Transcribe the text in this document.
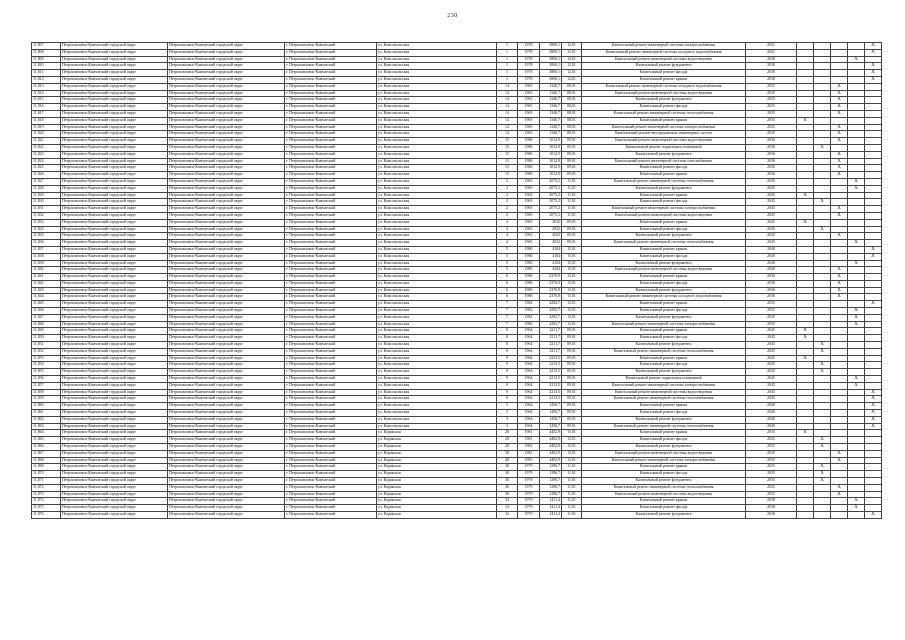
230
11,807	Петропавловск-Камчатский городской округ	Петропавловск-Камчатский городской округ	г. Петропавловск-Камчатский	ул. Комсомольская	1	1978	3806,1	12,01	Капитальный ремонт инженерной системы электроснабжения	2041					X
11,808	Петропавловск-Камчатский городской округ	Петропавловск-Камчатский городской округ	г. Петропавловск-Камчатский	ул. Комсомольская	1	1978	3806,1	12,01	Капитальный ремонт инженерной системы холодного водоснабжения	2041					X
11,809	Петропавловск-Камчатский городской округ	Петропавловск-Камчатский городской округ	г. Петропавловск-Камчатский	ул. Комсомольская	1	1978	3806,1	12,01	Капитальный ремонт инженерной системы водоотведения	2038				X	
11,810	Петропавловск-Камчатский городской округ	Петропавловск-Камчатский городской округ	г. Петропавловск-Камчатский	ул. Комсомольская	1	1978	3806,1	12,01	Капитальный ремонт фундамента	2038					X
11,811	Петропавловск-Камчатский городской округ	Петропавловск-Камчатский городской округ	г. Петропавловск-Камчатский	ул. Комсомольская	1	1978	3806,1	12,01	Капитальный ремонт фасада	2038					X
11,812	Петропавловск-Камчатский городской округ	Петропавловск-Камчатский городской округ	г. Петропавловск-Камчатский	ул. Комсомольская	1	1978	3806,1	12,01	Капитальный ремонт крыши	2038					X
11,813	Петропавловск-Камчатский городской округ	Петропавловск-Камчатский городской округ	г. Петропавловск-Камчатский	ул. Комсомольская	14	1965	1346,7	08,01	Капитальный ремонт инженерной системы холодного водоснабжения	2035			X		
11,814	Петропавловск-Камчатский городской округ	Петропавловск-Камчатский городской округ	г. Петропавловск-Камчатский	ул. Комсомольская	14	1965	1346,7	08,01	Капитальный ремонт инженерной системы водоотведения	2035			X		
11,815	Петропавловск-Камчатский городской округ	Петропавловск-Камчатский городской округ	г. Петропавловск-Камчатский	ул. Комсомольская	14	1965	1346,7	08,01	Капитальный ремонт фундамента	2035			X		
11,816	Петропавловск-Камчатский городской округ	Петропавловск-Камчатский городской округ	г. Петропавловск-Камчатский	ул. Комсомольская	14	1965	1346,7	08,01	Капитальный ремонт фасада	2035			X		
11,817	Петропавловск-Камчатский городской округ	Петропавловск-Камчатский городской округ	г. Петропавловск-Камчатский	ул. Комсомольская	14	1965	1346,7	08,01	Капитальный ремонт инженерной системы теплоснабжения	2035			X		
11,818	Петропавловск-Камчатский городской округ	Петропавловск-Камчатский городской округ	г. Петропавловск-Камчатский	ул. Комсомольская	14	1965	1346,7	08,01	Капитальный ремонт крыши	2035	X				
11,819	Петропавловск-Камчатский городской округ	Петропавловск-Камчатский городской округ	г. Петропавловск-Камчатский	ул. Комсомольская	14	1965	1346,7	08,01	Капитальный ремонт инженерной системы электроснабжения	2035			X		
11,820	Петропавловск-Камчатский городской округ	Петропавловск-Камчатский городской округ	г. Петропавловск-Камчатский	ул. Комсомольская	14	1965	1346,7	08,01	Капитальный ремонт внутридомовых инженерных систем	2035			X		
11,821	Петропавловск-Камчатский городской округ	Петропавловск-Камчатский городской округ	г. Петропавловск-Камчатский	ул. Комсомольская	15	1986	1012,9	09,01	Капитальный ремонт инженерной системы водоотведения	2036			X		
11,822	Петропавловск-Камчатский городской округ	Петропавловск-Камчатский городской округ	г. Петропавловск-Камчатский	ул. Комсомольская	15	1986	1012,9	09,01	Капитальный ремонт подвальных помещений	2036		X			
11,823	Петропавловск-Камчатский городской округ	Петропавловск-Камчатский городской округ	г. Петропавловск-Камчатский	ул. Комсомольская	15	1986	1012,9	09,01	Капитальный ремонт фундамента	2036			X		
11,824	Петропавловск-Камчатский городской округ	Петропавловск-Камчатский городской округ	г. Петропавловск-Камчатский	ул. Комсомольская	15	1986	1012,9	09,01	Капитальный ремонт инженерной системы газоснабжения	2036			X		
11,825	Петропавловск-Камчатский городской округ	Петропавловск-Камчатский городской округ	г. Петропавловск-Камчатский	ул. Комсомольская	15	1986	1012,9	09,01	Капитальный ремонт фасада	2036			X		
11,826	Петропавловск-Камчатский городской округ	Петропавловск-Камчатский городской округ	г. Петропавловск-Камчатский	ул. Комсомольская	15	1986	1012,9	09,01	Капитальный ремонт крыши	2036			X		
11,827	Петропавловск-Камчатский городской округ	Петропавловск-Камчатский городской округ	г. Петропавловск-Камчатский	ул. Комсомольская	2	1965	2075,2	11,01	Капитальный ремонт инженерной системы теплоснабжения	2045				X	
11,828	Петропавловск-Камчатский городской округ	Петропавловск-Камчатский городской округ	г. Петропавловск-Камчатский	ул. Комсомольская	2	1965	2075,2	11,01	Капитальный ремонт фундамента	2045				X	
11,829	Петропавловск-Камчатский городской округ	Петропавловск-Камчатский городской округ	г. Петропавловск-Камчатский	ул. Комсомольская	2	1965	2075,2	11,01	Капитальный ремонт крыши	2045	X				
11,830	Петропавловск-Камчатский городской округ	Петропавловск-Камчатский городской округ	г. Петропавловск-Камчатский	ул. Комсомольская	2	1965	2075,2	11,01	Капитальный ремонт фасада	2045		X			
11,831	Петропавловск-Камчатский городской округ	Петропавловск-Камчатский городской округ	г. Петропавловск-Камчатский	ул. Комсомольская	2	1965	2075,2	11,01	Капитальный ремонт инженерной системы электроснабжения	2045			X		
11,832	Петропавловск-Камчатский городской округ	Петропавловск-Камчатский городской округ	г. Петропавловск-Камчатский	ул. Комсомольская	2	1965	2075,2	11,01	Капитальный ремонт инженерной системы водоотведения	2045			X		
11,833	Петропавловск-Камчатский городской округ	Петропавловск-Камчатский городской округ	г. Петропавловск-Камчатский	ул. Комсомольская	4	1965	2032	09,01	Капитальный ремонт крыши	2045	X				
11,834	Петропавловск-Камчатский городской округ	Петропавловск-Камчатский городской округ	г. Петропавловск-Камчатский	ул. Комсомольская	4	1965	2032	09,01	Капитальный ремонт фасада	2045		X			
11,835	Петропавловск-Камчатский городской округ	Петропавловск-Камчатский городской округ	г. Петропавловск-Камчатский	ул. Комсомольская	4	1965	2032	09,01	Капитальный ремонт фундамента	2045			X		
11,836	Петропавловск-Камчатский городской округ	Петропавловск-Камчатский городской округ	г. Петропавловск-Камчатский	ул. Комсомольская	4	1965	2032	09,01	Капитальный ремонт инженерной системы теплоснабжения	2045				X	
11,837	Петропавловск-Камчатский городской округ	Петропавловск-Камчатский городской округ	г. Петропавловск-Камчатский	ул. Комсомольская	5	1980	4104	15,01	Капитальный ремонт крыши	2040					X
11,838	Петропавловск-Камчатский городской округ	Петропавловск-Камчатский городской округ	г. Петропавловск-Камчатский	ул. Комсомольская	5	1980	4104	15,01	Капитальный ремонт фасада	2040					X
11,839	Петропавловск-Камчатский городской округ	Петропавловск-Камчатский городской округ	г. Петропавловск-Камчатский	ул. Комсомольская	5	1980	4104	15,01	Капитальный ремонт фундамента	2040				X	
11,840	Петропавловск-Камчатский городской округ	Петропавловск-Камчатский городской округ	г. Петропавловск-Камчатский	ул. Комсомольская	5	1980	4104	15,01	Капитальный ремонт инженерной системы водоотведения	2040			X		
11,841	Петропавловск-Камчатский городской округ	Петропавловск-Камчатский городской округ	г. Петропавловск-Камчатский	ул. Комсомольская	6	1986	2370,8	13,01	Капитальный ремонт крыши	2036			X		
11,842	Петропавловск-Камчатский городской округ	Петропавловск-Камчатский городской округ	г. Петропавловск-Камчатский	ул. Комсомольская	6	1986	2370,8	13,01	Капитальный ремонт фасада	2036			X		
11,843	Петропавловск-Камчатский городской округ	Петропавловск-Камчатский городской округ	г. Петропавловск-Камчатский	ул. Комсомольская	6	1986	2370,8	13,01	Капитальный ремонт фундамента	2036			X		
11,844	Петропавловск-Камчатский городской округ	Петропавловск-Камчатский городской округ	г. Петропавловск-Камчатский	ул. Комсомольская	6	1986	2370,8	13,01	Капитальный ремонт инженерной системы холодного водоснабжения	2036			X		
11,845	Петропавловск-Камчатский городской округ	Петропавловск-Камчатский городской округ	г. Петропавловск-Камчатский	ул. Комсомольская	7	1982	4292,7	13,01	Капитальный ремонт крыши	2035					X
11,846	Петропавловск-Камчатский городской округ	Петропавловск-Камчатский городской округ	г. Петропавловск-Камчатский	ул. Комсомольская	7	1982	4292,7	13,01	Капитальный ремонт фасада	2035				X	
11,847	Петропавловск-Камчатский городской округ	Петропавловск-Камчатский городской округ	г. Петропавловск-Камчатский	ул. Комсомольская	7	1982	4292,7	13,01	Капитальный ремонт фундамента	2035				X	
11,848	Петропавловск-Камчатский городской округ	Петропавловск-Камчатский городской округ	г. Петропавловск-Камчатский	ул. Комсомольская	7	1982	4292,7	13,01	Капитальный ремонт инженерной системы электроснабжения	2035				X	
11,849	Петропавловск-Камчатский городской округ	Петропавловск-Камчатский городской округ	г. Петропавловск-Камчатский	ул. Комсомольская	8	1964	2211,7	09,01	Капитальный ремонт крыши	2045	X				
11,850	Петропавловск-Камчатский городской округ	Петропавловск-Камчатский городской округ	г. Петропавловск-Камчатский	ул. Комсомольская	8	1964	2211,7	09,01	Капитальный ремонт фасада	2045	X				
11,851	Петропавловск-Камчатский городской округ	Петропавловск-Камчатский городской округ	г. Петропавловск-Камчатский	ул. Комсомольская	8	1964	2211,7	09,01	Капитальный ремонт фундамента	2045		X			
11,852	Петропавловск-Камчатский городской округ	Петропавловск-Камчатский городской округ	г. Петропавловск-Камчатский	ул. Комсомольская	8	1964	2211,7	09,01	Капитальный ремонт инженерной системы теплоснабжения	2045		X			
11,853	Петропавловск-Камчатский городской округ	Петропавловск-Камчатский городской округ	г. Петропавловск-Камчатский	ул. Комсомольская	9	1964	2213,5	09,01	Капитальный ремонт крыши	2045	X				
11,854	Петропавловск-Камчатский городской округ	Петропавловск-Камчатский городской округ	г. Петропавловск-Камчатский	ул. Комсомольская	9	1964	2213,5	09,01	Капитальный ремонт фасада	2045		X			
11,855	Петропавловск-Камчатский городской округ	Петропавловск-Камчатский городской округ	г. Петропавловск-Камчатский	ул. Комсомольская	9	1964	2213,5	09,01	Капитальный ремонт фундамента	2045		X			
11,856	Петропавловск-Камчатский городской округ	Петропавловск-Камчатский городской округ	г. Петропавловск-Камчатский	ул. Комсомольская	9	1964	2213,5	09,01	Капитальный ремонт подвальных помещений	2045				X	
11,857	Петропавловск-Камчатский городской округ	Петропавловск-Камчатский городской округ	г. Петропавловск-Камчатский	ул. Комсомольская	9	1964	2213,5	09,01	Капитальный ремонт инженерной системы электроснабжения	2045				X	
11,858	Петропавловск-Камчатский городской округ	Петропавловск-Камчатский городской округ	г. Петропавловск-Камчатский	ул. Комсомольская	9	1964	2213,5	09,01	Капитальный ремонт инженерной системы водоотведения	2045					X
11,859	Петропавловск-Камчатский городской округ	Петропавловск-Камчатский городской округ	г. Петропавловск-Камчатский	ул. Комсомольская	9	1964	2213,5	09,01	Капитальный ремонт инженерной системы теплоснабжения	2045					X
11,860	Петропавловск-Камчатский городской округ	Петропавловск-Камчатский городской округ	г. Петропавловск-Камчатский	ул. Комсомольская	3	1964	1456,7	09,01	Капитальный ремонт крыши	2040					X
11,861	Петропавловск-Камчатский городской округ	Петропавловск-Камчатский городской округ	г. Петропавловск-Камчатский	ул. Комсомольская	3	1964	1456,7	09,01	Капитальный ремонт фасада	2040					X
11,862	Петропавловск-Камчатский городской округ	Петропавловск-Камчатский городской округ	г. Петропавловск-Камчатский	ул. Комсомольская	3	1964	1456,7	09,01	Капитальный ремонт фундамента	2040					X
11,863	Петропавловск-Камчатский городской округ	Петропавловск-Камчатский городской округ	г. Петропавловск-Камчатский	ул. Комсомольская	3	1964	1456,7	09,01	Капитальный ремонт инженерной системы теплоснабжения	2040					X
11,864	Петропавловск-Камчатский городской округ	Петропавловск-Камчатский городской округ	г. Петропавловск-Камчатский	ул. Корякская	28	1981	4402,9	13,01	Капитальный ремонт крыши	2035	X				
11,865	Петропавловск-Камчатский городской округ	Петропавловск-Камчатский городской округ	г. Петропавловск-Камчатский	ул. Корякская	28	1981	4402,9	13,01	Капитальный ремонт фасада	2035		X			
11,866	Петропавловск-Камчатский городской округ	Петропавловск-Камчатский городской округ	г. Петропавловск-Камчатский	ул. Корякская	28	1981	4402,9	13,01	Капитальный ремонт фундамента	2035		X			
11,867	Петропавловск-Камчатский городской округ	Петропавловск-Камчатский городской округ	г. Петропавловск-Камчатский	ул. Корякская	28	1981	4402,9	13,01	Капитальный ремонт инженерной системы водоотведения	2035			X		
11,868	Петропавловск-Камчатский городской округ	Петропавловск-Камчатский городской округ	г. Петропавловск-Камчатский	ул. Корякская	28	1981	4402,9	13,01	Капитальный ремонт инженерной системы электроснабжения	2035			X		
11,869	Петропавловск-Камчатский городской округ	Петропавловск-Камчатский городской округ	г. Петропавловск-Камчатский	ул. Корякская	30	1979	1296,7	11,01	Капитальный ремонт крыши	2035		X			
11,870	Петропавловск-Камчатский городской округ	Петропавловск-Камчатский городской округ	г. Петропавловск-Камчатский	ул. Корякская	30	1979	1296,7	11,01	Капитальный ремонт фасада	2035		X			
11,871	Петропавловск-Камчатский городской округ	Петропавловск-Камчатский городской округ	г. Петропавловск-Камчатский	ул. Корякская	30	1979	1296,7	11,01	Капитальный ремонт фундамента	2035		X			
11,872	Петропавловск-Камчатский городской округ	Петропавловск-Камчатский городской округ	г. Петропавловск-Камчатский	ул. Корякская	30	1979	1296,7	11,01	Капитальный ремонт инженерной системы теплоснабжения	2035			X		
11,873	Петропавловск-Камчатский городской округ	Петропавловск-Камчатский городской округ	г. Петропавловск-Камчатский	ул. Корякская	30	1979	1296,7	11,01	Капитальный ремонт инженерной системы водоотведения	2035			X		
11,874	Петропавловск-Камчатский городской округ	Петропавловск-Камчатский городской округ	г. Петропавловск-Камчатский	ул. Корякская	34	1979	1411,4	11,01	Капитальный ремонт крыши	2038				X	
11,875	Петропавловск-Камчатский городской округ	Петропавловск-Камчатский городской округ	г. Петропавловск-Камчатский	ул. Корякская	34	1979	1411,4	11,01	Капитальный ремонт фасада	2038				X	
11,876	Петропавловск-Камчатский городской округ	Петропавловск-Камчатский городской округ	г. Петропавловск-Камчатский	ул. Корякская	34	1979	1411,4	11,01	Капитальный ремонт фундамента	2038					X
